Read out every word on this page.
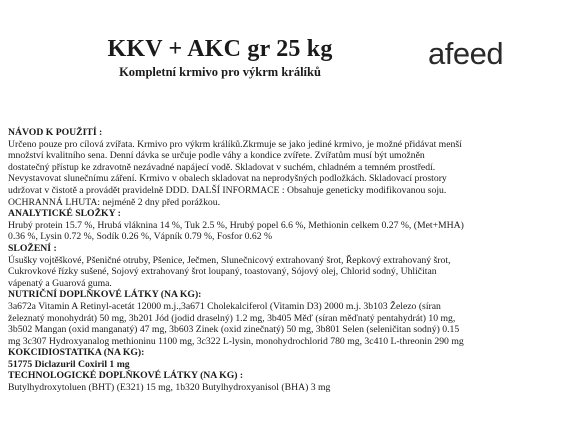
KKV + AKC gr 25 kg
Kompletní krmivo pro výkrm králíků
afeed
NÁVOD K POUŽITÍ :
Určeno pouze pro cílová zvířata. Krmivo pro výkrm králíků.Zkrmuje se jako jediné krmivo, je možné přidávat menší
množství kvalitního sena. Denní dávka se určuje podle váhy a kondice zvířete. Zvířatům musí být umožněn
dostatečný přístup ke zdravotně nezávadné napájecí vodě. Skladovat v suchém, chladném a temném prostředí.
Nevystavovat slunečnímu záření. Krmivo v obalech skladovat na neprodyšných podložkách. Skladovací prostory
udržovat v čistotě a provádět pravidelně DDD. DALŠÍ INFORMACE : Obsahuje geneticky modifikovanou soju.
OCHRANNÁ LHUTA: nejméně 2 dny před porážkou.
ANALYTICKÉ SLOŽKY :
Hrubý protein 15.7 %, Hrubá vláknina 14 %, Tuk 2.5 %, Hrubý popel 6.6 %, Methionin celkem 0.27 %, (Met+MHA)
0.36 %, Lysin 0.72 %, Sodík 0.26 %, Vápník 0.79 %, Fosfor 0.62 %
SLOŽENÍ :
Úsušky vojtěškové, Pšeničné otruby, Pšenice, Ječmen, Slunečnicový extrahovaný šrot, Řepkový extrahovaný šrot,
Cukrovkové řízky sušené, Sojový extrahovaný šrot loupaný, toastovaný, Sójový olej, Chlorid sodný, Uhličitan
vápenatý a Guarová guma.
NUTRIČNÍ DOPLŇKOVÉ LÁTKY (NA KG):
3a672a Vitamin A Retinyl-acetát 12000 m.j.,3a671 Cholekalciferol (Vitamin D3) 2000 m.j. 3b103 Železo (síran
železnatý monohydrát) 50 mg, 3b201 Jód (jodid draselný) 1.2 mg, 3b405 Měď (síran měďnatý pentahydrát) 10 mg,
3b502 Mangan (oxid manganatý) 47 mg, 3b603 Zinek (oxid zinečnatý) 50 mg, 3b801 Selen (seleničitan sodný) 0.15
mg 3c307 Hydroxyanalog methioninu 1100 mg, 3c322 L-lysin, monohydrochlorid 780 mg, 3c410 L-threonin 290 mg
KOKCIDIOSTATIKA (NA KG):
51775 Diclazuril Coxiril 1 mg
TECHNOLOGICKÉ DOPLŇKOVÉ LÁTKY (NA KG) :
Butylhydroxytoluen (BHT) (E321) 15 mg, 1b320 Butylhydroxyanisol (BHA) 3 mg
